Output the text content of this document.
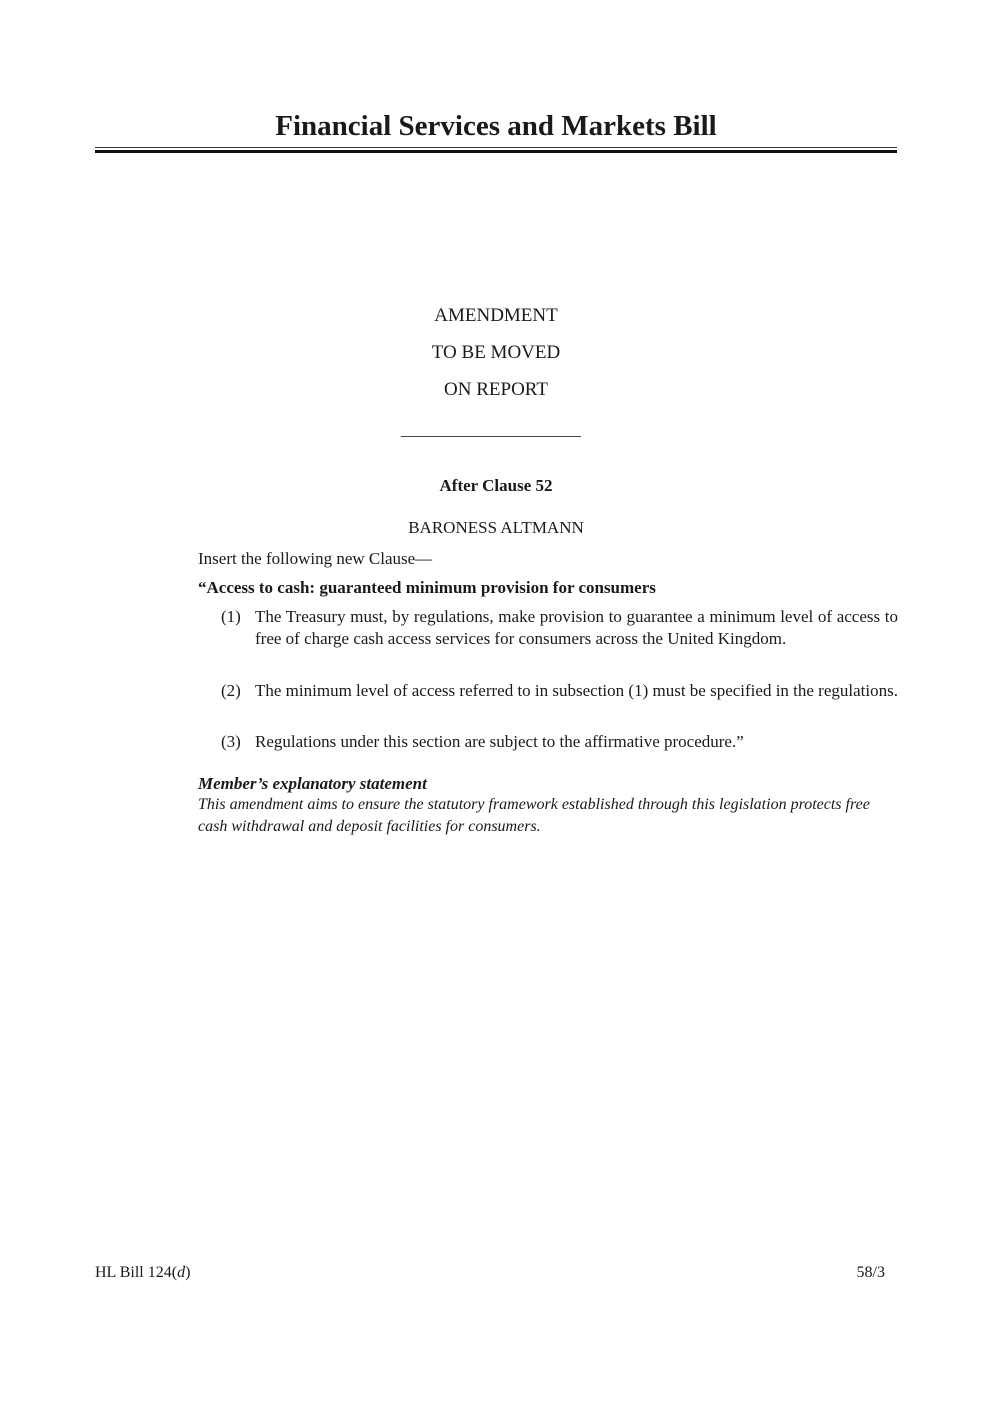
Financial Services and Markets Bill
AMENDMENT
TO BE MOVED
ON REPORT
After Clause 52
BARONESS ALTMANN
Insert the following new Clause—
“Access to cash: guaranteed minimum provision for consumers
(1) The Treasury must, by regulations, make provision to guarantee a minimum level of access to free of charge cash access services for consumers across the United Kingdom.
(2) The minimum level of access referred to in subsection (1) must be specified in the regulations.
(3) Regulations under this section are subject to the affirmative procedure.”
Member’s explanatory statement
This amendment aims to ensure the statutory framework established through this legislation protects free cash withdrawal and deposit facilities for consumers.
HL Bill 124(d)	58/3
